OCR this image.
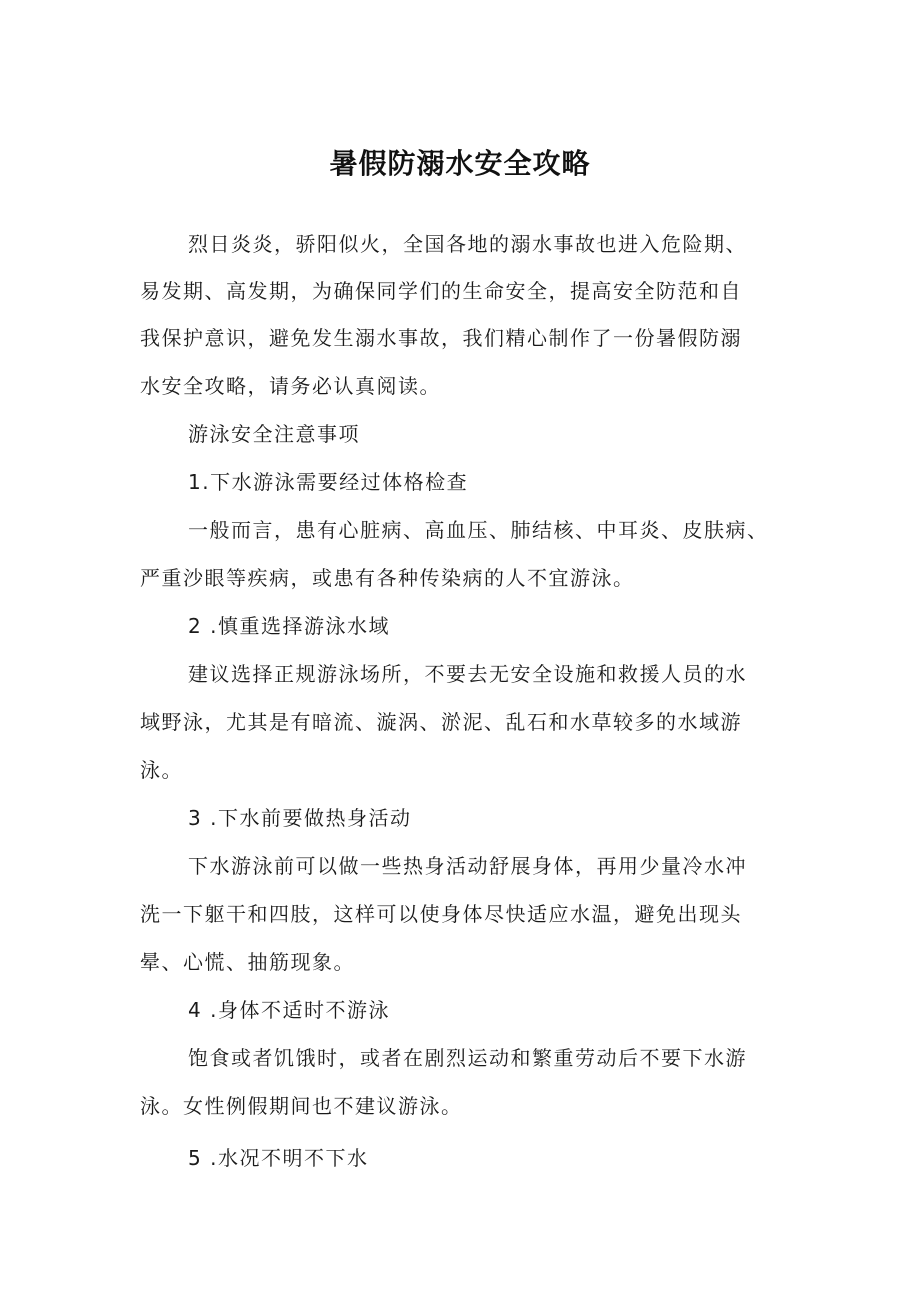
暑假防溺水安全攻略
烈日炎炎，骄阳似火，全国各地的溺水事故也进入危险期、
易发期、高发期，为确保同学们的生命安全，提高安全防范和自
我保护意识，避免发生溺水事故，我们精心制作了一份暑假防溺
水安全攻略，请务必认真阅读。
游泳安全注意事项
1.下水游泳需要经过体格检查
一般而言，患有心脏病、高血压、肺结核、中耳炎、皮肤病、
严重沙眼等疾病，或患有各种传染病的人不宜游泳。
2 .慎重选择游泳水域
建议选择正规游泳场所，不要去无安全设施和救援人员的水
域野泳，尤其是有暗流、漩涡、淤泥、乱石和水草较多的水域游
泳。
3 .下水前要做热身活动
下水游泳前可以做一些热身活动舒展身体，再用少量冷水冲
洗一下躯干和四肢，这样可以使身体尽快适应水温，避免出现头
晕、心慌、抽筋现象。
4 .身体不适时不游泳
饱食或者饥饿时，或者在剧烈运动和繁重劳动后不要下水游
泳。女性例假期间也不建议游泳。
5 .水况不明不下水
